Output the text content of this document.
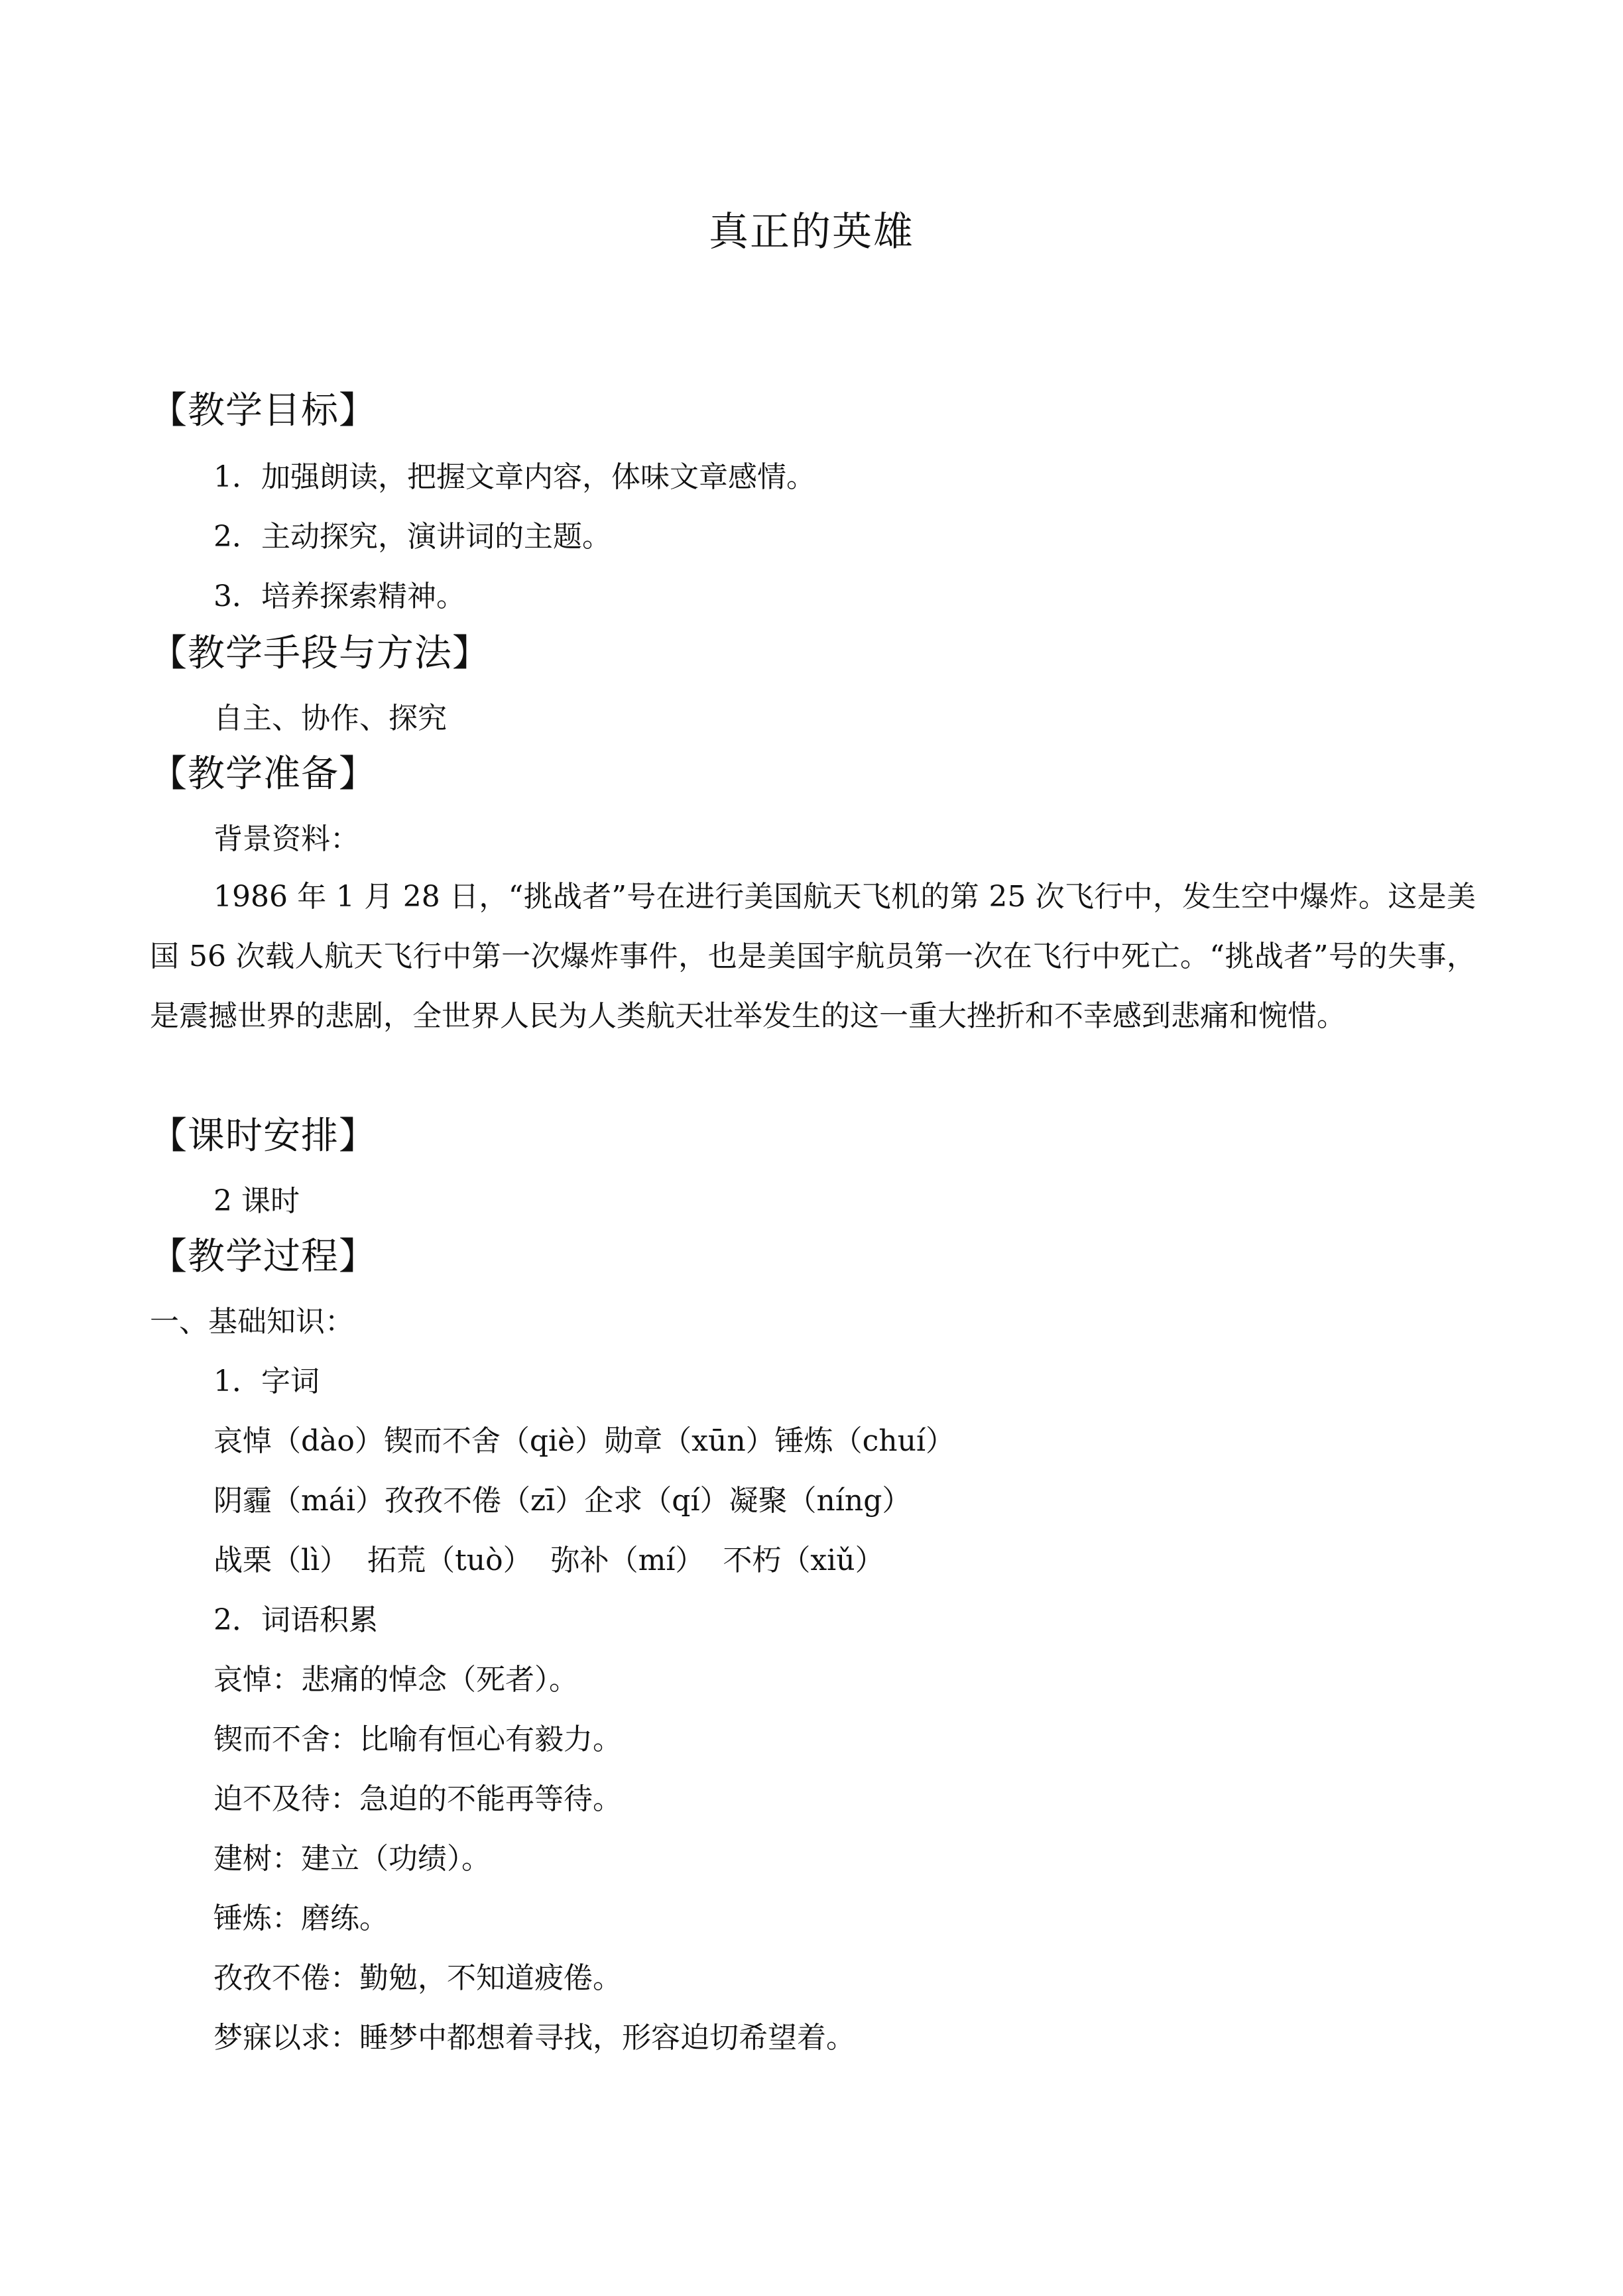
真正的英雄
【教学目标】
1．加强朗读，把握文章内容，体味文章感情。
2．主动探究，演讲词的主题。
3．培养探索精神。
【教学手段与方法】
自主、协作、探究
【教学准备】
背景资料：
1986 年 1 月 28 日，“挑战者”号在进行美国航天飞机的第 25 次飞行中，发生空中爆炸。这是美国 56 次载人航天飞行中第一次爆炸事件，也是美国宇航员第一次在飞行中死亡。“挑战者”号的失事，是震撼世界的悲剧，全世界人民为人类航天壮举发生的这一重大挫折和不幸感到悲痛和惋惜。
【课时安排】
2 课时
【教学过程】
一、基础知识：
1．字词
哀悼（dào）锲而不舍（qiè）勋章（xūn）锤炼（chuí）
阴霾（mái）孜孜不倦（zī）企求（qí）凝聚（níng）
战栗（lì）  拓荒（tuò）  弥补（mí）  不朽（xiǔ）
2．词语积累
哀悼：悲痛的悼念（死者）。
锲而不舍：比喻有恒心有毅力。
迫不及待：急迫的不能再等待。
建树：建立（功绩）。
锤炼：磨练。
孜孜不倦：勤勉，不知道疲倦。
梦寐以求：睡梦中都想着寻找，形容迫切希望着。
